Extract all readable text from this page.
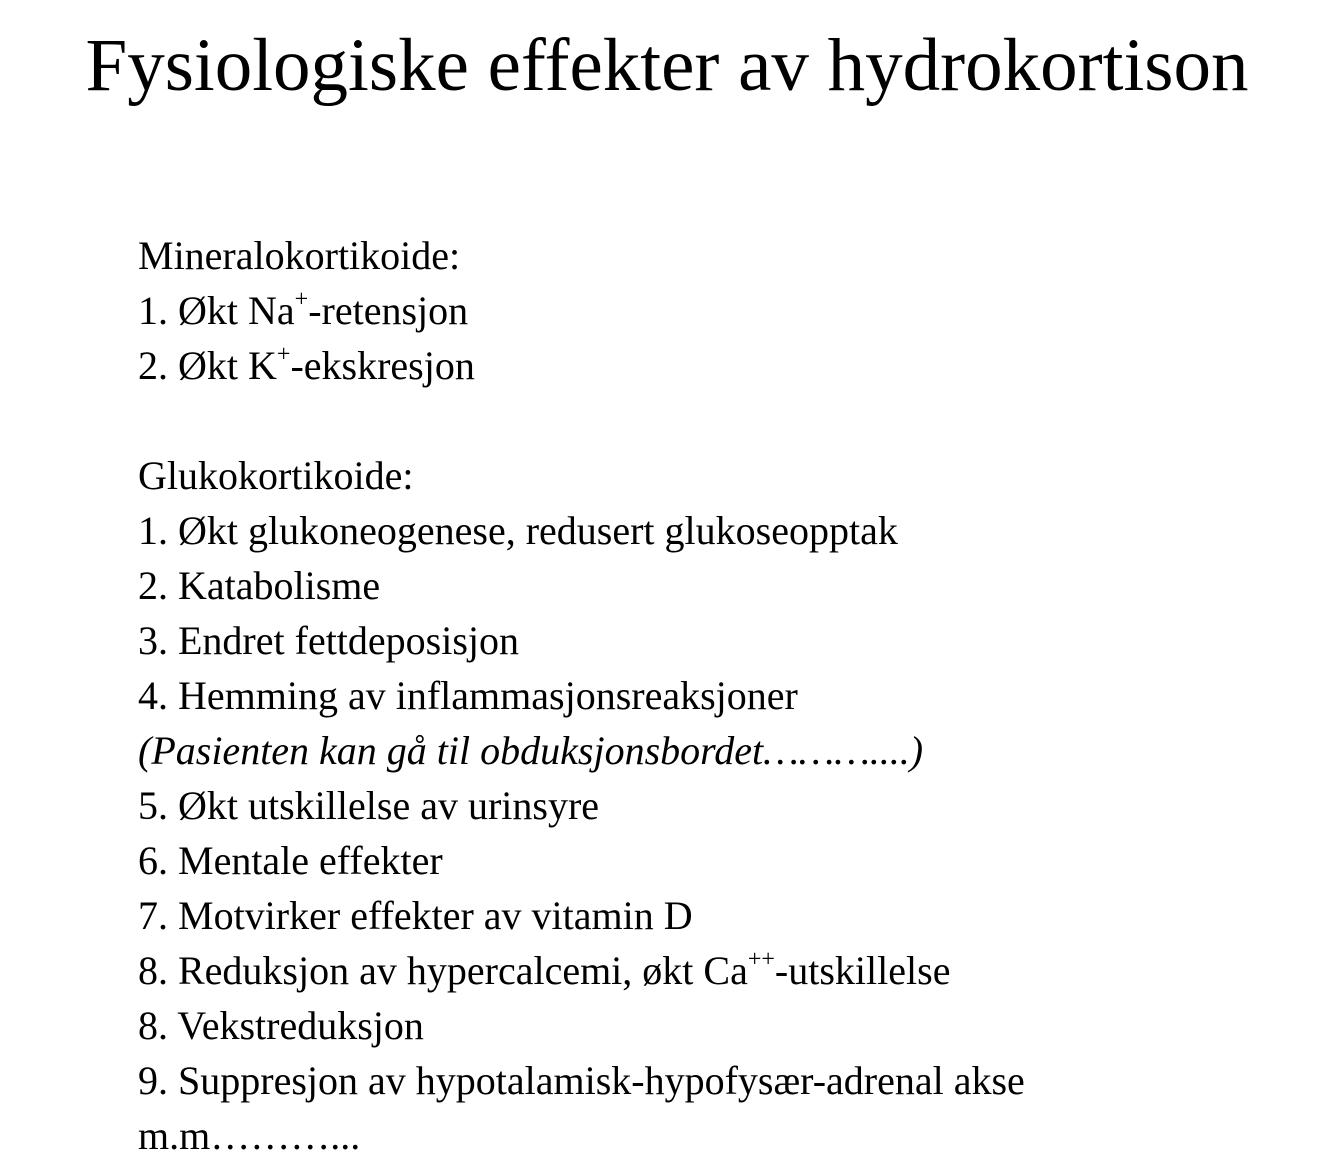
Fysiologiske effekter av hydrokortison
Mineralokortikoide:
1. Økt Na+-retensjon
2. Økt K+-ekskresjon
Glukokortikoide:
1. Økt glukoneogenese, redusert glukoseopptak
2. Katabolisme
3. Endret fettdeposisjon
4. Hemming av inflammasjonsreaksjoner
(Pasienten kan gå til obduksjonsbordet………....)
5. Økt utskillelse av urinsyre
6. Mentale effekter
7. Motvirker effekter av vitamin D
8. Reduksjon av hypercalcemi, økt Ca++-utskillelse
8. Vekstreduksjon
9. Suppresjon av hypotalamisk-hypofysær-adrenal akse
m.m………...
